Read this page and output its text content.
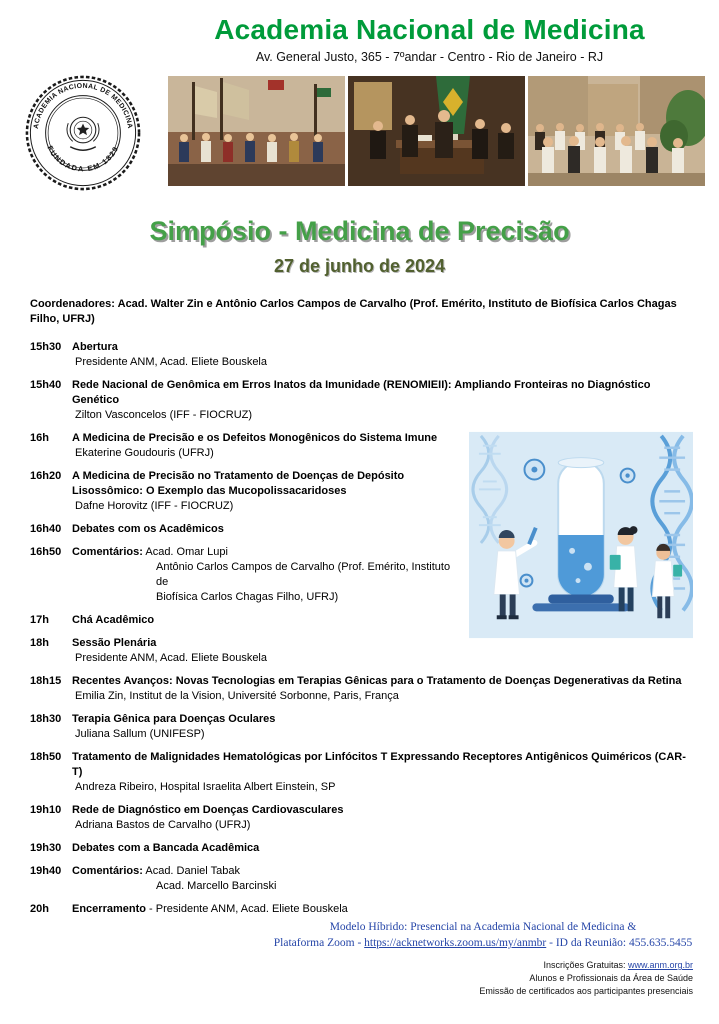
Academia Nacional de Medicina
Av. General Justo, 365 - 7ºandar - Centro - Rio de Janeiro - RJ
ACADEMIA NACIONAL DE MEDICINA
FUNDADA EM 1829
Simpósio - Medicina de Precisão
27 de junho de 2024

Coordenadores: Acad. Walter Zin e Antônio Carlos Campos de Carvalho (Prof. Emérito, Instituto de Biofísica Carlos Chagas Filho, UFRJ)

15h30 Abertura
Presidente ANM, Acad. Eliete Bouskela
15h40 Rede Nacional de Genômica em Erros Inatos da Imunidade (RENOMIEII): Ampliando Fronteiras no Diagnóstico Genético
Zilton Vasconcelos (IFF - FIOCRUZ)
16h	A Medicina de Precisão e os Defeitos Monogênicos do Sistema Imune
Ekaterine Goudouris (UFRJ)
16h20 A Medicina de Precisão no Tratamento de Doenças de Depósito Lisossômico: O Exemplo das Mucopolissacaridoses
Dafne Horovitz (IFF - FIOCRUZ)
16h40 Debates com os Acadêmicos
16h50 Comentários: Acad. Omar Lupi
Antônio Carlos Campos de Carvalho (Prof. Emérito, Instituto de
Biofísica Carlos Chagas Filho, UFRJ)
17h	Chá Acadêmico
18h	Sessão Plenária
Presidente ANM, Acad. Eliete Bouskela
18h15 Recentes Avanços: Novas Tecnologias em Terapias Gênicas para o Tratamento de Doenças Degenerativas da Retina
Emilia Zin, Institut de la Vision, Université Sorbonne, Paris, França
18h30 Terapia Gênica para Doenças Oculares
Juliana Sallum (UNIFESP)
18h50 Tratamento de Malignidades Hematológicas por Linfócitos T Expressando Receptores Antigênicos Quiméricos (CAR-T)
Andreza Ribeiro, Hospital Israelita Albert Einstein, SP
19h10 Rede de Diagnóstico em Doenças Cardiovasculares
Adriana Bastos de Carvalho (UFRJ)
19h30 Debates com a Bancada Acadêmica
19h40 Comentários: Acad. Daniel Tabak
Acad. Marcello Barcinski
20h	Encerramento - Presidente ANM, Acad. Eliete Bouskela
Modelo Híbrido: Presencial na Academia Nacional de Medicina &
Plataforma Zoom - https://acknetworks.zoom.us/my/anmbr - ID da Reunião: 455.635.5455
Inscrições Gratuitas: www.anm.org.br
Alunos e Profissionais da Área de Saúde
Emissão de certificados aos participantes presenciais
